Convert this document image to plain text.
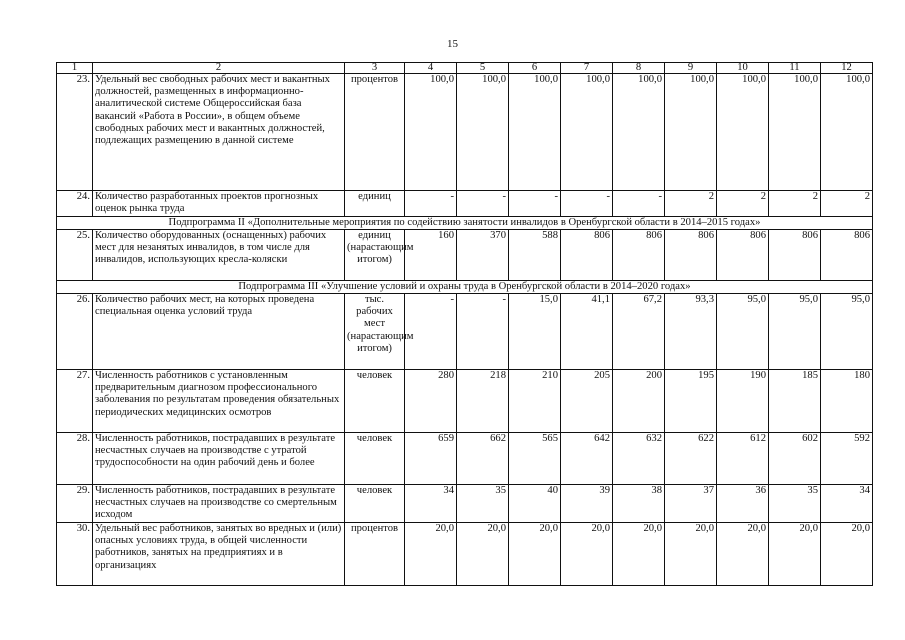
15
1	2	3	4	5	6	7	8	9	10	11	12
23.	Удельный вес свободных рабочих мест и вакантных должностей, размещенных в информационно-аналитической системе Общероссийская база вакансий «Работа в России», в общем объеме свободных рабочих мест и вакантных должностей, подлежащих размещению в данной системе	процентов	100,0	100,0	100,0	100,0	100,0	100,0	100,0	100,0	100,0
24.	Количество разработанных проектов прогнозных оценок рынка труда	единиц	-	-	-	-	-	2	2	2	2
Подпрограмма II «Дополнительные мероприятия по содействию занятости инвалидов в Оренбургской области в 2014–2015 годах»											
25.	Количество оборудованных (оснащенных) рабочих мест для незанятых инвалидов, в том числе для инвалидов, использующих кресла-коляски	единиц (нарастающим итогом)	160	370	588	806	806	806	806	806	806
Подпрограмма III «Улучшение условий и охраны труда в Оренбургской области в 2014–2020 годах»											
26.	Количество рабочих мест, на которых проведена специальная оценка условий труда	тыс. рабочих мест (нарастающим итогом)	-	-	15,0	41,1	67,2	93,3	95,0	95,0	95,0
27.	Численность работников с установленным предварительным диагнозом профессионального заболевания по результатам проведения обязательных периодических медицинских осмотров	человек	280	218	210	205	200	195	190	185	180
28.	Численность работников, пострадавших в результате несчастных случаев на производстве с утратой трудоспособности на один рабочий день и более	человек	659	662	565	642	632	622	612	602	592
29.	Численность работников, пострадавших в результате несчастных случаев на производстве со смертельным исходом	человек	34	35	40	39	38	37	36	35	34
30.	Удельный вес работников, занятых во вредных и (или) опасных условиях труда, в общей численности работников, занятых на предприятиях и в организациях	процентов	20,0	20,0	20,0	20,0	20,0	20,0	20,0	20,0	20,0
